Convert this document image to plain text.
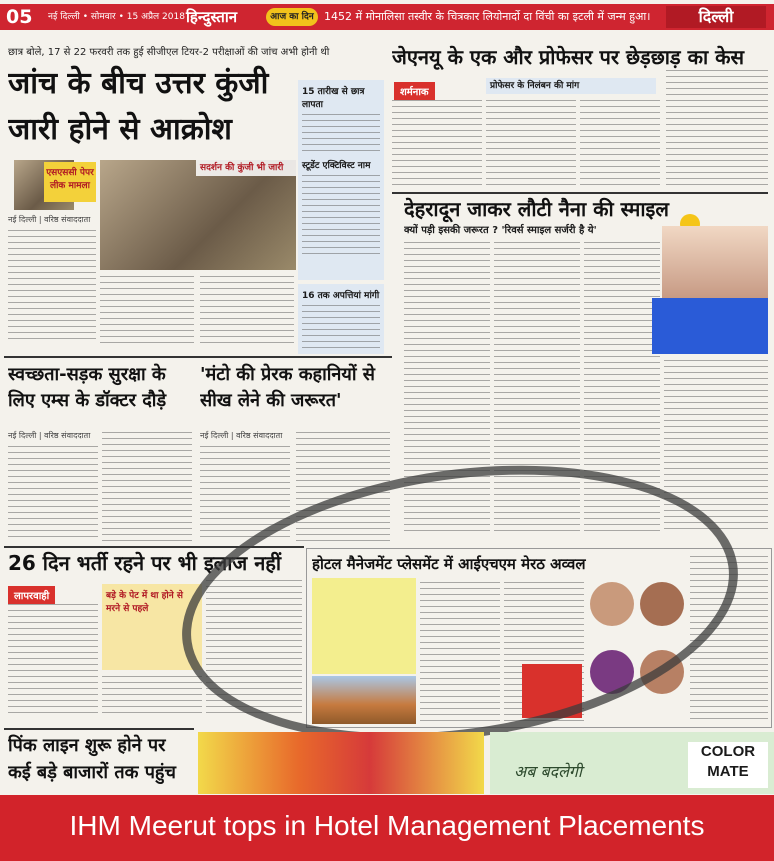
05 नई दिल्ली • सोमवार • 15 अप्रैल 2018 हिन्दुस्तान	आज का दिन 1452 में मोनालिसा तस्वीर के चित्रकार लियोनार्दो दा विंची का इटली में जन्म हुआ।	दिल्ली
छात्र बोले, 17 से 22 फरवरी तक हुई सीजीएल टियर-2 परीक्षाओं की जांच अभी होनी थी
जांच के बीच उत्तर कुंजी
जारी होने से आक्रोश
15 तारीख से छात्र लापता
स्टूडेंट एक्टिविस्ट नाम
16 तक अपत्तियां मांगी
एसएससी पेपर लीक मामला
नई दिल्ली | वरिष्ठ संवाददाता
सदर्शन की कुंजी भी जारी
जेएनयू के एक और प्रोफेसर पर छेड़छाड़ का केस
शर्मनाक
प्रोफेसर के निलंबन की मांग
देहरादून जाकर लौटी नैना की स्माइल
क्यों पड़ी इसकी जरूरत ? 'रिवर्स स्माइल सर्जरी है ये'
स्वच्छता-सड़क सुरक्षा के लिए एम्स के डॉक्टर दौड़े
नई दिल्ली | वरिष्ठ संवाददाता
'मंटो की प्रेरक कहानियों से सीख लेने की जरूरत'
नई दिल्ली | वरिष्ठ संवाददाता
26 दिन भर्ती रहने पर भी इलाज नहीं
लापरवाही	बड़े के पेट में था होने से मरने से पहले
होटल मैनेजमेंट प्लेसमेंट में आईएचएम मेरठ अव्वल
पिंक लाइन शुरू होने पर कई बड़े बाजारों तक पहुंच	अब बदलेगी
COLOR MATE
IHM Meerut tops in Hotel Management Placements
